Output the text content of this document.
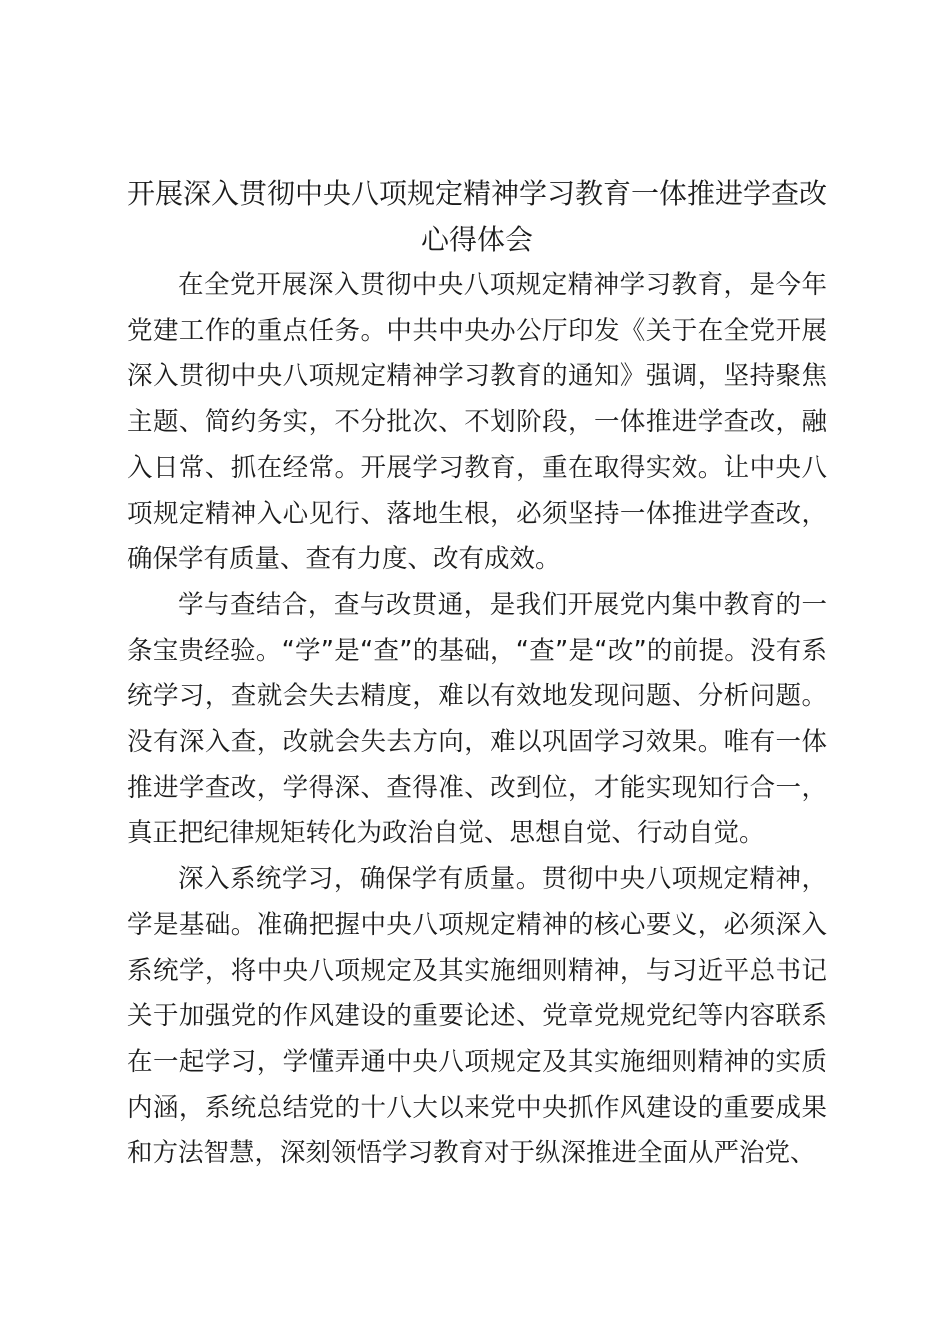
开展深入贯彻中央八项规定精神学习教育一体推进学查改心得体会

在全党开展深入贯彻中央八项规定精神学习教育，是今年党建工作的重点任务。中共中央办公厅印发《关于在全党开展深入贯彻中央八项规定精神学习教育的通知》强调，坚持聚焦主题、简约务实，不分批次、不划阶段，一体推进学查改，融入日常、抓在经常。开展学习教育，重在取得实效。让中央八项规定精神入心见行、落地生根，必须坚持一体推进学查改，确保学有质量、查有力度、改有成效。

学与查结合，查与改贯通，是我们开展党内集中教育的一条宝贵经验。“学”是“查”的基础，“查”是“改”的前提。没有系统学习，查就会失去精度，难以有效地发现问题、分析问题。没有深入查，改就会失去方向，难以巩固学习效果。唯有一体推进学查改，学得深、查得准、改到位，才能实现知行合一，真正把纪律规矩转化为政治自觉、思想自觉、行动自觉。

深入系统学习，确保学有质量。贯彻中央八项规定精神，学是基础。准确把握中央八项规定精神的核心要义，必须深入系统学，将中央八项规定及其实施细则精神，与习近平总书记关于加强党的作风建设的重要论述、党章党规党纪等内容联系在一起学习，学懂弄通中央八项规定及其实施细则精神的实质内涵，系统总结党的十八大以来党中央抓作风建设的重要成果和方法智慧，深刻领悟学习教育对于纵深推进全面从严治党、
